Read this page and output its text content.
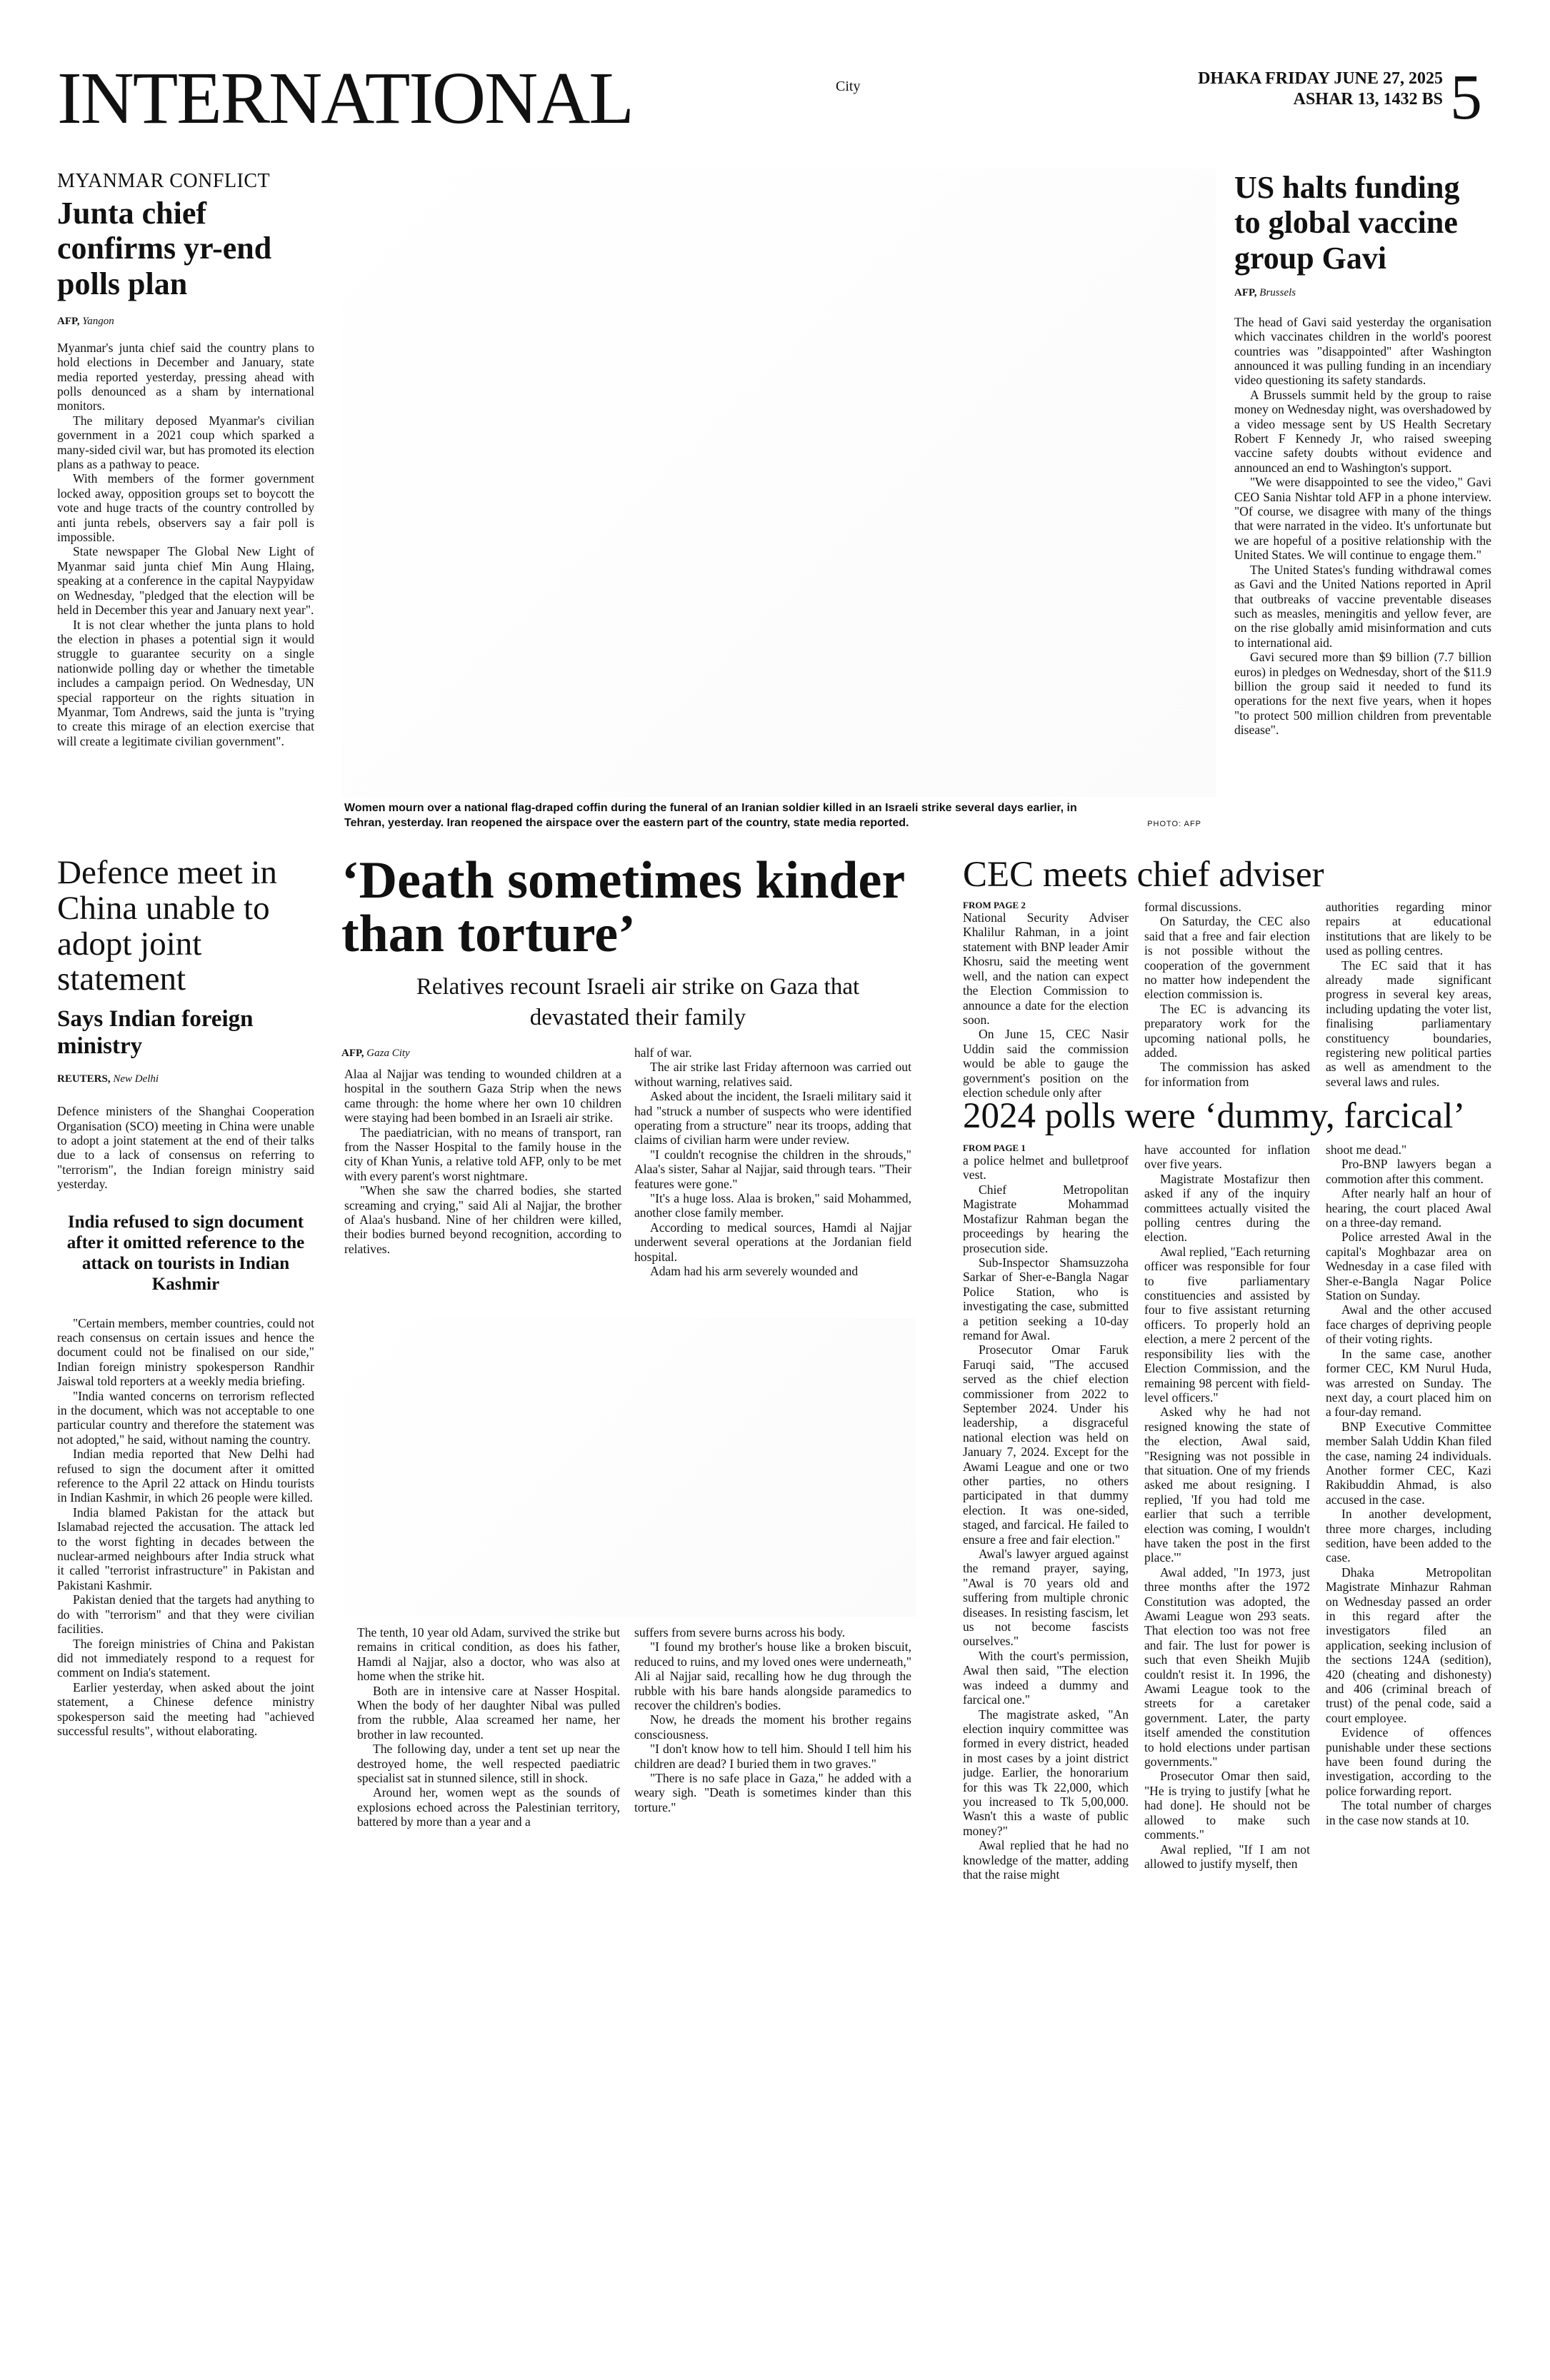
INTERNATIONAL	City	DHAKA FRIDAY JUNE 27, 2025
ASHAR 13, 1432 BS 5
MYANMAR CONFLICT
Junta chief confirms yr-end polls plan
AFP, Yangon

Myanmar's junta chief said the country plans to hold elections in December and January, state media reported yesterday, pressing ahead with polls denounced as a sham by international monitors.

The military deposed Myanmar's civilian government in a 2021 coup which sparked a many-sided civil war, but has promoted its election plans as a pathway to peace.

With members of the former government locked away, opposition groups set to boycott the vote and huge tracts of the country controlled by anti junta rebels, observers say a fair poll is impossible.

State newspaper The Global New Light of Myanmar said junta chief Min Aung Hlaing, speaking at a conference in the capital Naypyidaw on Wednesday, "pledged that the election will be held in December this year and January next year".

It is not clear whether the junta plans to hold the election in phases a potential sign it would struggle to guarantee security on a single nationwide polling day or whether the timetable includes a campaign period. On Wednesday, UN special rapporteur on the rights situation in Myanmar, Tom Andrews, said the junta is "trying to create this mirage of an election exercise that will create a legitimate civilian government".

Women mourn over a national flag-draped coffin during the funeral of an Iranian soldier killed in an Israeli strike several days earlier, in Tehran, yesterday. Iran reopened the airspace over the eastern part of the country, state media reported.	PHOTO: AFP
US halts funding to global vaccine group Gavi
AFP, Brussels

The head of Gavi said yesterday the organisation which vaccinates children in the world's poorest countries was "disappointed" after Washington announced it was pulling funding in an incendiary video questioning its safety standards.

A Brussels summit held by the group to raise money on Wednesday night, was overshadowed by a video message sent by US Health Secretary Robert F Kennedy Jr, who raised sweeping vaccine safety doubts without evidence and announced an end to Washington's support.

"We were disappointed to see the video," Gavi CEO Sania Nishtar told AFP in a phone interview. "Of course, we disagree with many of the things that were narrated in the video. It's unfortunate but we are hopeful of a positive relationship with the United States. We will continue to engage them."

The United States's funding withdrawal comes as Gavi and the United Nations reported in April that outbreaks of vaccine preventable diseases such as measles, meningitis and yellow fever, are on the rise globally amid misinformation and cuts to international aid.

Gavi secured more than $9 billion (7.7 billion euros) in pledges on Wednesday, short of the $11.9 billion the group said it needed to fund its operations for the next five years, when it hopes "to protect 500 million children from preventable disease".

Defence meet in China unable to adopt joint statement
Says Indian foreign ministry
REUTERS, New Delhi

Defence ministers of the Shanghai Cooperation Organisation (SCO) meeting in China were unable to adopt a joint statement at the end of their talks due to a lack of consensus on referring to "terrorism", the Indian foreign ministry said yesterday.

India refused to sign document after it omitted reference to the attack on tourists in Indian Kashmir

"Certain members, member countries, could not reach consensus on certain issues and hence the document could not be finalised on our side," Indian foreign ministry spokesperson Randhir Jaiswal told reporters at a weekly media briefing.

"India wanted concerns on terrorism reflected in the document, which was not acceptable to one particular country and therefore the statement was not adopted," he said, without naming the country.

Indian media reported that New Delhi had refused to sign the document after it omitted reference to the April 22 attack on Hindu tourists in Indian Kashmir, in which 26 people were killed.

India blamed Pakistan for the attack but Islamabad rejected the accusation. The attack led to the worst fighting in decades between the nuclear-armed neighbours after India struck what it called "terrorist infrastructure" in Pakistan and Pakistani Kashmir.

Pakistan denied that the targets had anything to do with "terrorism" and that they were civilian facilities.

The foreign ministries of China and Pakistan did not immediately respond to a request for comment on India's statement.

Earlier yesterday, when asked about the joint statement, a Chinese defence ministry spokesperson said the meeting had "achieved successful results", without elaborating.

‘Death sometimes kinder than torture’
Relatives recount Israeli air strike on Gaza that devastated their family
AFP, Gaza City

Alaa al Najjar was tending to wounded children at a hospital in the southern Gaza Strip when the news came through: the home where her own 10 children were staying had been bombed in an Israeli air strike.

The paediatrician, with no means of transport, ran from the Nasser Hospital to the family house in the city of Khan Yunis, a relative told AFP, only to be met with every parent's worst nightmare.

"When she saw the charred bodies, she started screaming and crying," said Ali al Najjar, the brother of Alaa's husband. Nine of her children were killed, their bodies burned beyond recognition, according to relatives.

half of war.

The air strike last Friday afternoon was carried out without warning, relatives said.

Asked about the incident, the Israeli military said it had "struck a number of suspects who were identified operating from a structure" near its troops, adding that claims of civilian harm were under review.

"I couldn't recognise the children in the shrouds," Alaa's sister, Sahar al Najjar, said through tears. "Their features were gone."

"It's a huge loss. Alaa is broken," said Mohammed, another close family member.

According to medical sources, Hamdi al Najjar underwent several operations at the Jordanian field hospital.

Adam had his arm severely wounded and

The tenth, 10 year old Adam, survived the strike but remains in critical condition, as does his father, Hamdi al Najjar, also a doctor, who was also at home when the strike hit.

Both are in intensive care at Nasser Hospital. When the body of her daughter Nibal was pulled from the rubble, Alaa screamed her name, her brother in law recounted.

The following day, under a tent set up near the destroyed home, the well respected paediatric specialist sat in stunned silence, still in shock.

Around her, women wept as the sounds of explosions echoed across the Palestinian territory, battered by more than a year and a

suffers from severe burns across his body.

"I found my brother's house like a broken biscuit, reduced to ruins, and my loved ones were underneath," Ali al Najjar said, recalling how he dug through the rubble with his bare hands alongside paramedics to recover the children's bodies.

Now, he dreads the moment his brother regains consciousness.

"I don't know how to tell him. Should I tell him his children are dead? I buried them in two graves."

"There is no safe place in Gaza," he added with a weary sigh. "Death is sometimes kinder than this torture."

CEC meets chief adviser
FROM PAGE 2

National Security Adviser Khalilur Rahman, in a joint statement with BNP leader Amir Khosru, said the meeting went well, and the nation can expect the Election Commission to announce a date for the election soon.

On June 15, CEC Nasir Uddin said the commission would be able to gauge the government's position on the election schedule only after

formal discussions.

On Saturday, the CEC also said that a free and fair election is not possible without the cooperation of the government no matter how independent the election commission is.

The EC is advancing its preparatory work for the upcoming national polls, he added.

The commission has asked for information from

authorities regarding minor repairs at educational institutions that are likely to be used as polling centres.

The EC said that it has already made significant progress in several key areas, including updating the voter list, finalising parliamentary constituency boundaries, registering new political parties as well as amendment to the several laws and rules.

2024 polls were ‘dummy, farcical’
FROM PAGE 1

a police helmet and bulletproof vest.

Chief Metropolitan Magistrate Mohammad Mostafizur Rahman began the proceedings by hearing the prosecution side.

Sub-Inspector Shamsuzzoha Sarkar of Sher-e-Bangla Nagar Police Station, who is investigating the case, submitted a petition seeking a 10-day remand for Awal.

Prosecutor Omar Faruk Faruqi said, "The accused served as the chief election commissioner from 2022 to September 2024. Under his leadership, a disgraceful national election was held on January 7, 2024. Except for the Awami League and one or two other parties, no others participated in that dummy election. It was one-sided, staged, and farcical. He failed to ensure a free and fair election."

Awal's lawyer argued against the remand prayer, saying, "Awal is 70 years old and suffering from multiple chronic diseases. In resisting fascism, let us not become fascists ourselves."

With the court's permission, Awal then said, "The election was indeed a dummy and farcical one."

The magistrate asked, "An election inquiry committee was formed in every district, headed in most cases by a joint district judge. Earlier, the honorarium for this was Tk 22,000, which you increased to Tk 5,00,000. Wasn't this a waste of public money?"

Awal replied that he had no knowledge of the matter, adding that the raise might

have accounted for inflation over five years.

Magistrate Mostafizur then asked if any of the inquiry committees actually visited the polling centres during the election.

Awal replied, "Each returning officer was responsible for four to five parliamentary constituencies and assisted by four to five assistant returning officers. To properly hold an election, a mere 2 percent of the responsibility lies with the Election Commission, and the remaining 98 percent with field-level officers."

Asked why he had not resigned knowing the state of the election, Awal said, "Resigning was not possible in that situation. One of my friends asked me about resigning. I replied, 'If you had told me earlier that such a terrible election was coming, I wouldn't have taken the post in the first place.'"

Awal added, "In 1973, just three months after the 1972 Constitution was adopted, the Awami League won 293 seats. That election too was not free and fair. The lust for power is such that even Sheikh Mujib couldn't resist it. In 1996, the Awami League took to the streets for a caretaker government. Later, the party itself amended the constitution to hold elections under partisan governments."

Prosecutor Omar then said, "He is trying to justify [what he had done]. He should not be allowed to make such comments."

Awal replied, "If I am not allowed to justify myself, then

shoot me dead."

Pro-BNP lawyers began a commotion after this comment.

After nearly half an hour of hearing, the court placed Awal on a three-day remand.

Police arrested Awal in the capital's Moghbazar area on Wednesday in a case filed with Sher-e-Bangla Nagar Police Station on Sunday.

Awal and the other accused face charges of depriving people of their voting rights.

In the same case, another former CEC, KM Nurul Huda, was arrested on Sunday. The next day, a court placed him on a four-day remand.

BNP Executive Committee member Salah Uddin Khan filed the case, naming 24 individuals. Another former CEC, Kazi Rakibuddin Ahmad, is also accused in the case.

In another development, three more charges, including sedition, have been added to the case.

Dhaka Metropolitan Magistrate Minhazur Rahman on Wednesday passed an order in this regard after the investigators filed an application, seeking inclusion of the sections 124A (sedition), 420 (cheating and dishonesty) and 406 (criminal breach of trust) of the penal code, said a court employee.

Evidence of offences punishable under these sections have been found during the investigation, according to the police forwarding report.

The total number of charges in the case now stands at 10.
